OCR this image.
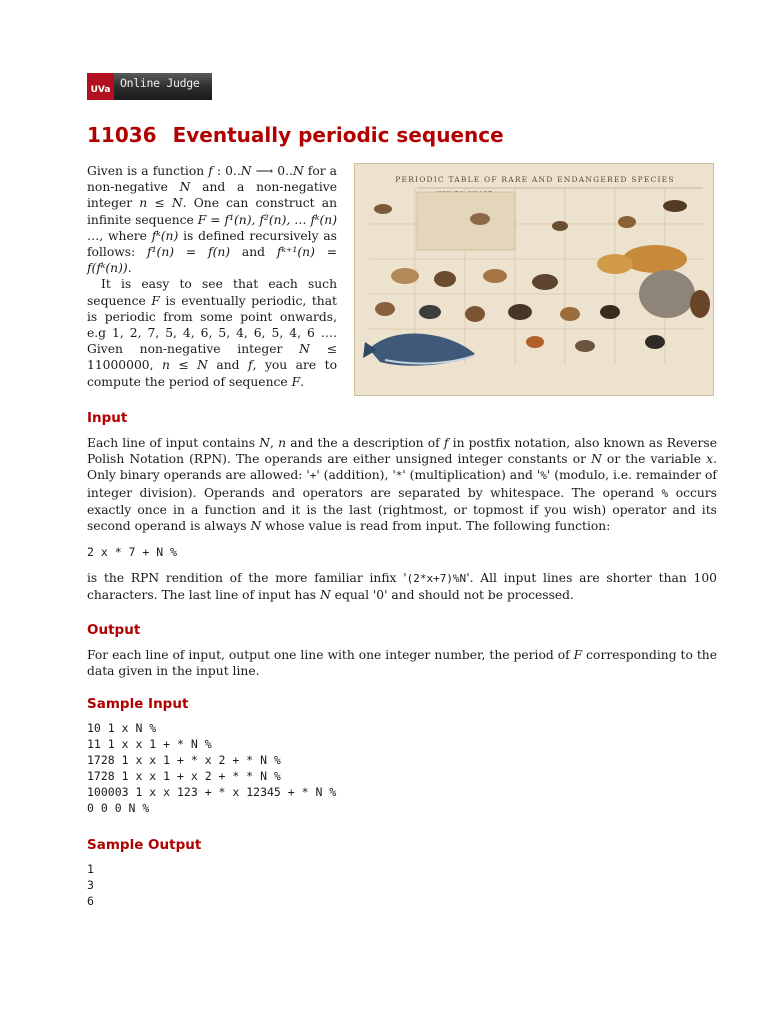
UVa Online Judge
11036 Eventually periodic sequence

Given is a function f : 0..N ⟶ 0..N for a non-negative N and a non-negative integer n ≤ N. One can construct an infinite sequence F = f¹(n), f²(n), … fᵏ(n) …, where fᵏ(n) is defined recursively as follows: f¹(n) = f(n) and fᵏ⁺¹(n) = f(fᵏ(n)).

It is easy to see that each such sequence F is eventually periodic, that is periodic from some point onwards, e.g 1, 2, 7, 5, 4, 6, 5, 4, 6, 5, 4, 6 …. Given non-negative integer N ≤ 11000000, n ≤ N and f, you are to compute the period of sequence F.

PERIODIC TABLE OF RARE AND ENDANGERED SPECIES
Input

Each line of input contains N, n and the a description of f in postfix notation, also known as Reverse Polish Notation (RPN). The operands are either unsigned integer constants or N or the variable x. Only binary operands are allowed: '+' (addition), '*' (multiplication) and '%' (modulo, i.e. remainder of integer division). Operands and operators are separated by whitespace. The operand % occurs exactly once in a function and it is the last (rightmost, or topmost if you wish) operator and its second operand is always N whose value is read from input. The following function:

2 x * 7 + N %

is the RPN rendition of the more familiar infix '(2*x+7)%N'. All input lines are shorter than 100 characters. The last line of input has N equal '0' and should not be processed.

Output

For each line of input, output one line with one integer number, the period of F corresponding to the data given in the input line.

Sample Input

10 1 x N %

11 1 x x 1 + * N %

1728 1 x x 1 + * x 2 + * N %

1728 1 x x 1 + x 2 + * * N %

100003 1 x x 123 + * x 12345 + * N %

0 0 0 N %

Sample Output

1

3

6
